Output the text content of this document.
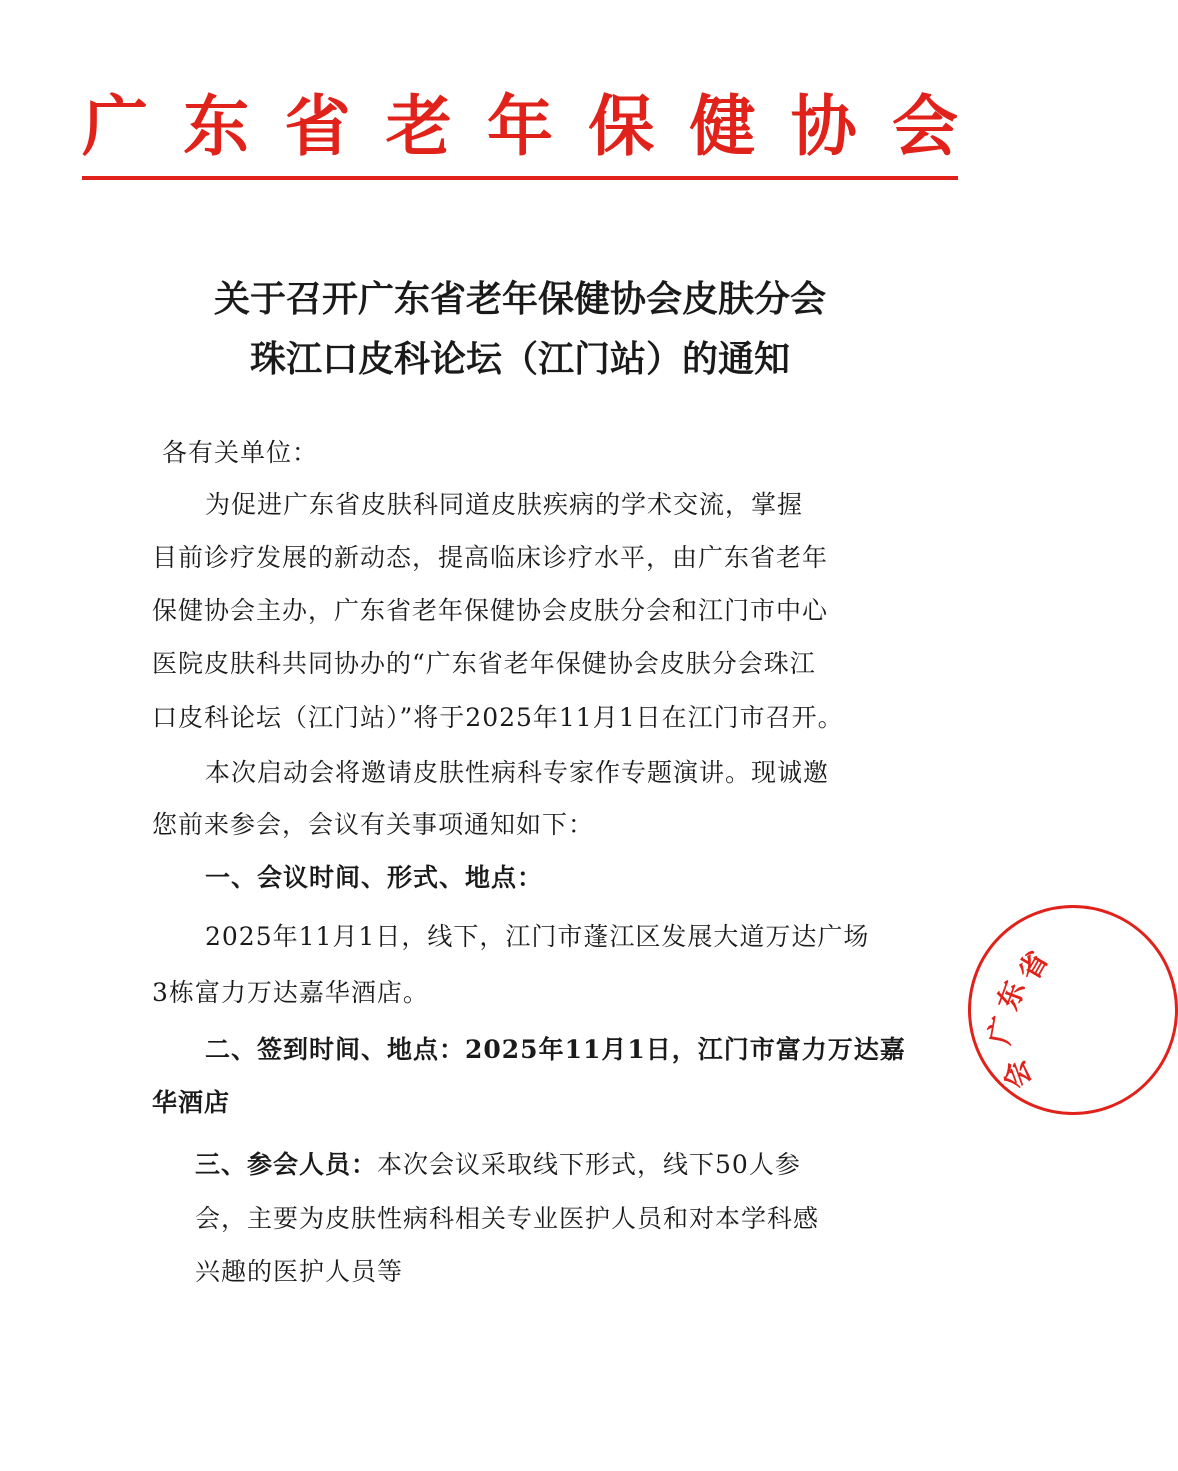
广 东 省 老 年 保 健 协 会
关于召开广东省老年保健协会皮肤分会
珠江口皮科论坛（江门站）的通知
各有关单位：
为促进广东省皮肤科同道皮肤疾病的学术交流，掌握
目前诊疗发展的新动态，提高临床诊疗水平，由广东省老年
保健协会主办，广东省老年保健协会皮肤分会和江门市中心
医院皮肤科共同协办的“广东省老年保健协会皮肤分会珠江
口皮科论坛（江门站）”将于2025年11月1日在江门市召开。
本次启动会将邀请皮肤性病科专家作专题演讲。现诚邀
您前来参会，会议有关事项通知如下：
一、会议时间、形式、地点：
2025年11月1日，线下，江门市蓬江区发展大道万达广场
3栋富力万达嘉华酒店。
二、签到时间、地点：2025年11月1日，江门市富力万达嘉
华酒店
三、参会人员：本次会议采取线下形式，线下50人参
会，主要为皮肤性病科相关专业医护人员和对本学科感
兴趣的医护人员等
省
东
广
会
